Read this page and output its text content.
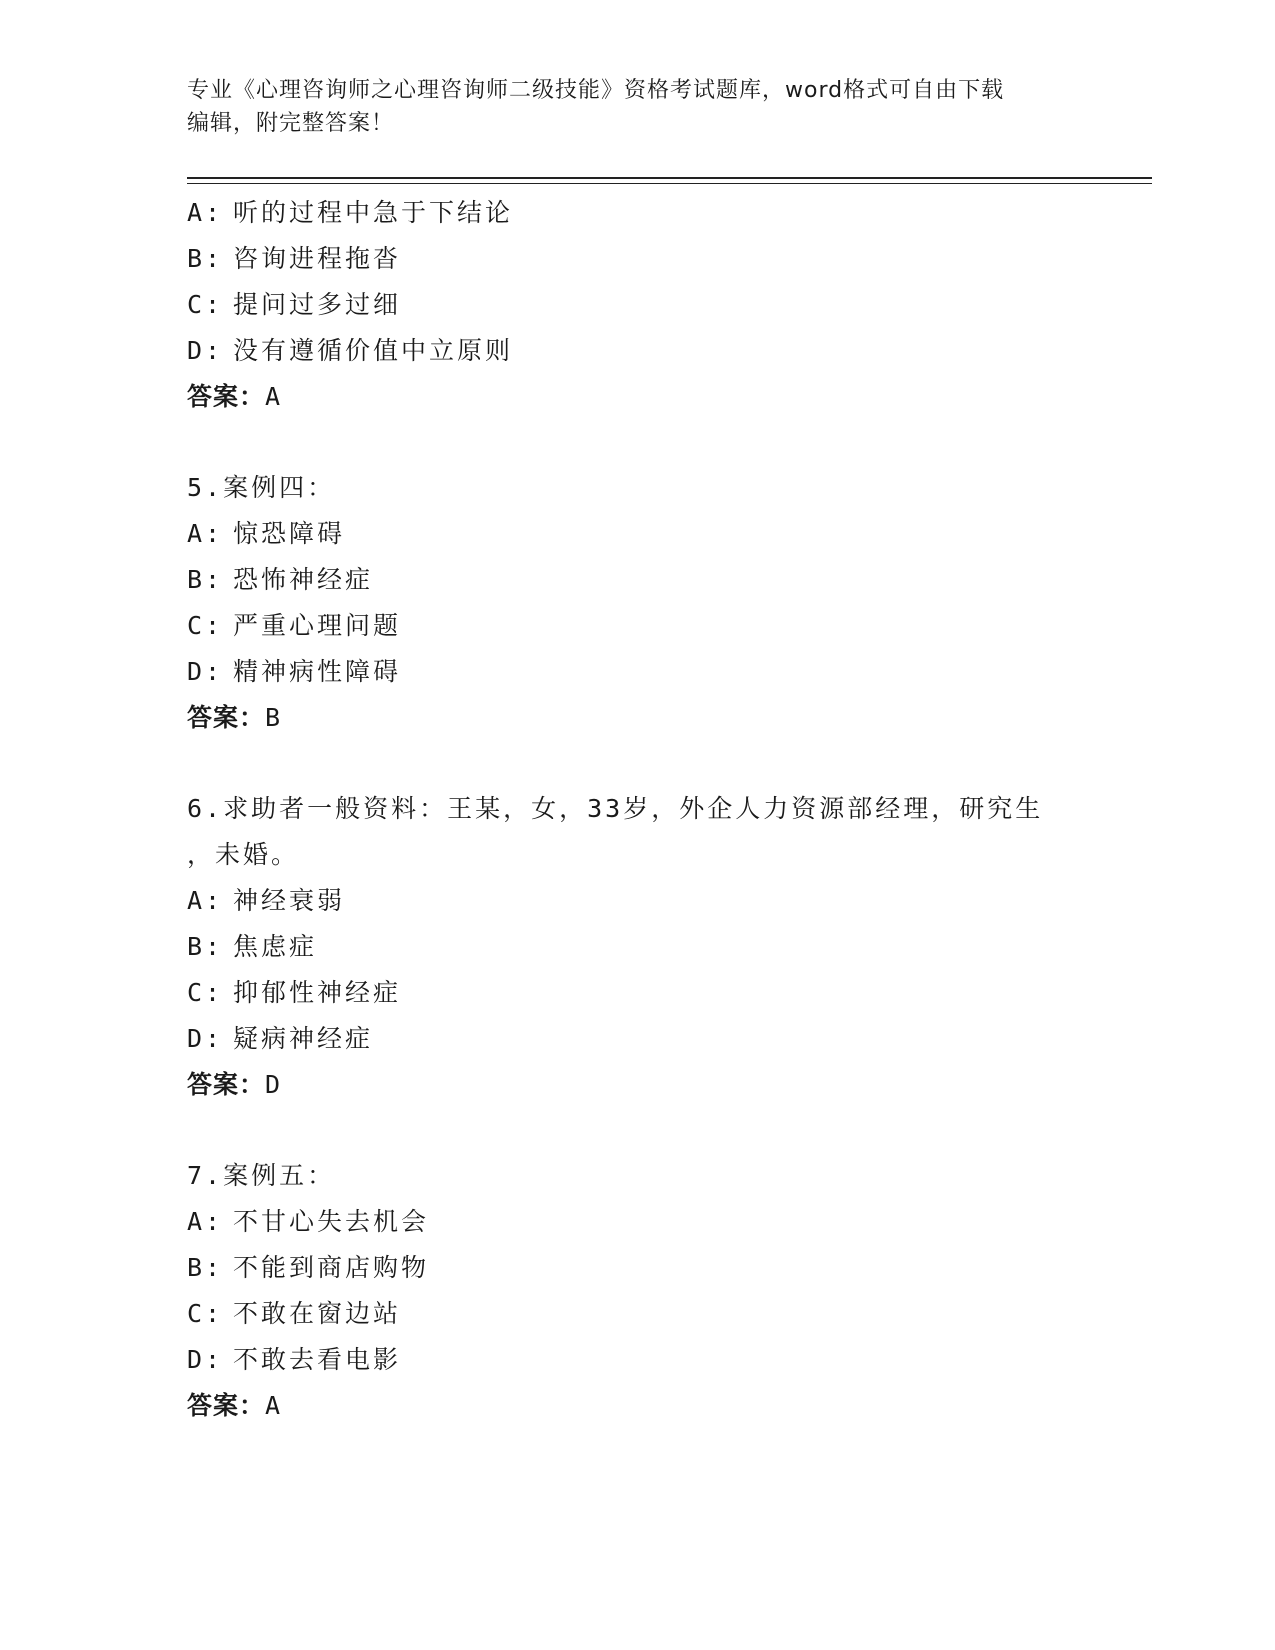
专业《心理咨询师之心理咨询师二级技能》资格考试题库，word格式可自由下载
编辑，附完整答案！
A: 听的过程中急于下结论
B: 咨询进程拖沓
C: 提问过多过细
D: 没有遵循价值中立原则
答案：A
5.案例四：
A: 惊恐障碍
B: 恐怖神经症
C: 严重心理问题
D: 精神病性障碍
答案：B
6.求助者一般资料：王某，女，33岁，外企人力资源部经理，研究生
，未婚。
A: 神经衰弱
B: 焦虑症
C: 抑郁性神经症
D: 疑病神经症
答案：D
7.案例五：
A: 不甘心失去机会
B: 不能到商店购物
C: 不敢在窗边站
D: 不敢去看电影
答案：A
